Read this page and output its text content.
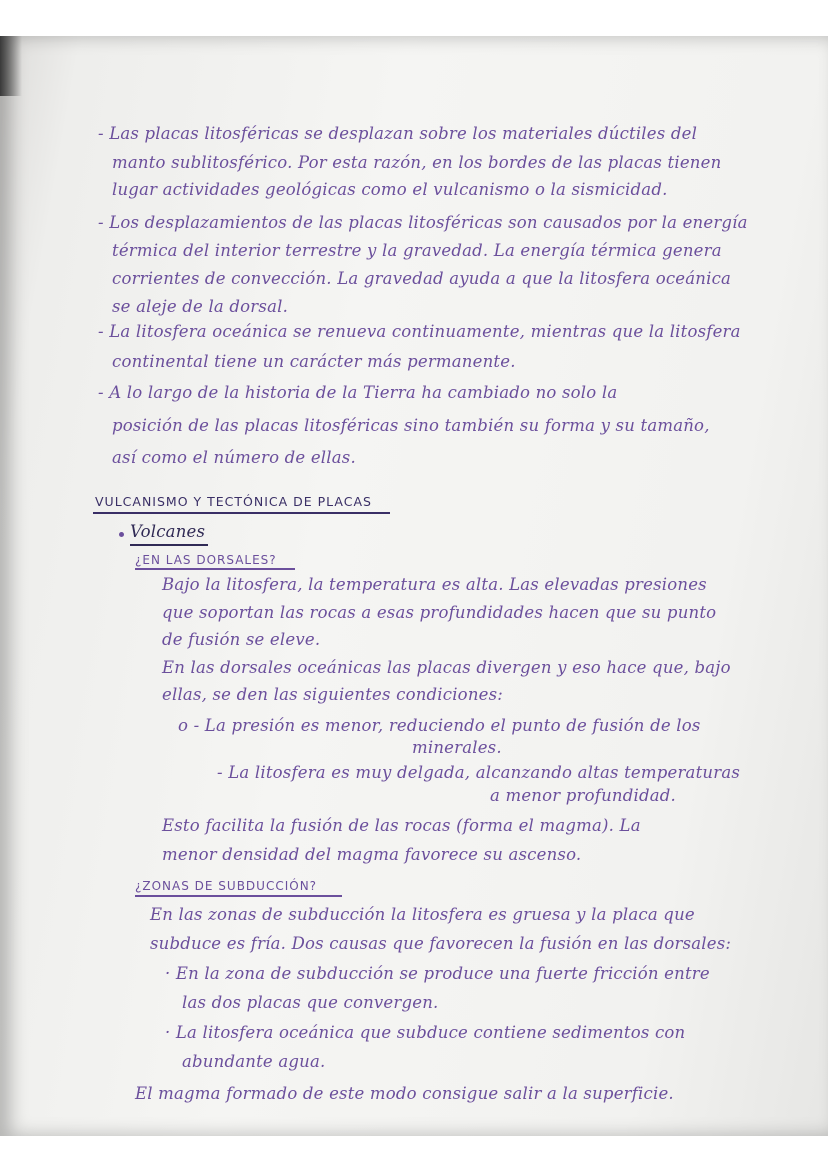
- Las placas litosféricas se desplazan sobre los materiales dúctiles del
manto sublitosférico. Por esta razón, en los bordes de las placas tienen
lugar actividades geológicas como el vulcanismo o la sismicidad.
- Los desplazamientos de las placas litosféricas son causados por la energía
térmica del interior terrestre y la gravedad. La energía térmica genera
corrientes de convección. La gravedad ayuda a que la litosfera oceánica
se aleje de la dorsal.
- La litosfera oceánica se renueva continuamente, mientras que la litosfera
continental tiene un carácter más permanente.
- A lo largo de la historia de la Tierra ha cambiado no solo la
posición de las placas litosféricas sino también su forma y su tamaño,
así como el número de ellas.
VULCANISMO Y TECTÓNICA DE PLACAS
Volcanes
¿EN LAS DORSALES?
Bajo la litosfera, la temperatura es alta. Las elevadas presiones
que soportan las rocas a esas profundidades hacen que su punto
de fusión se eleve.
En las dorsales oceánicas las placas divergen y eso hace que, bajo
ellas, se den las siguientes condiciones:
o - La presión es menor, reduciendo el punto de fusión de los
minerales.
- La litosfera es muy delgada, alcanzando altas temperaturas
a menor profundidad.
Esto facilita la fusión de las rocas (forma el magma). La
menor densidad del magma favorece su ascenso.
¿ZONAS DE SUBDUCCIÓN?
En las zonas de subducción la litosfera es gruesa y la placa que
subduce es fría. Dos causas que favorecen la fusión en las dorsales:
· En la zona de subducción se produce una fuerte fricción entre
las dos placas que convergen.
· La litosfera oceánica que subduce contiene sedimentos con
abundante agua.
El magma formado de este modo consigue salir a la superficie.
